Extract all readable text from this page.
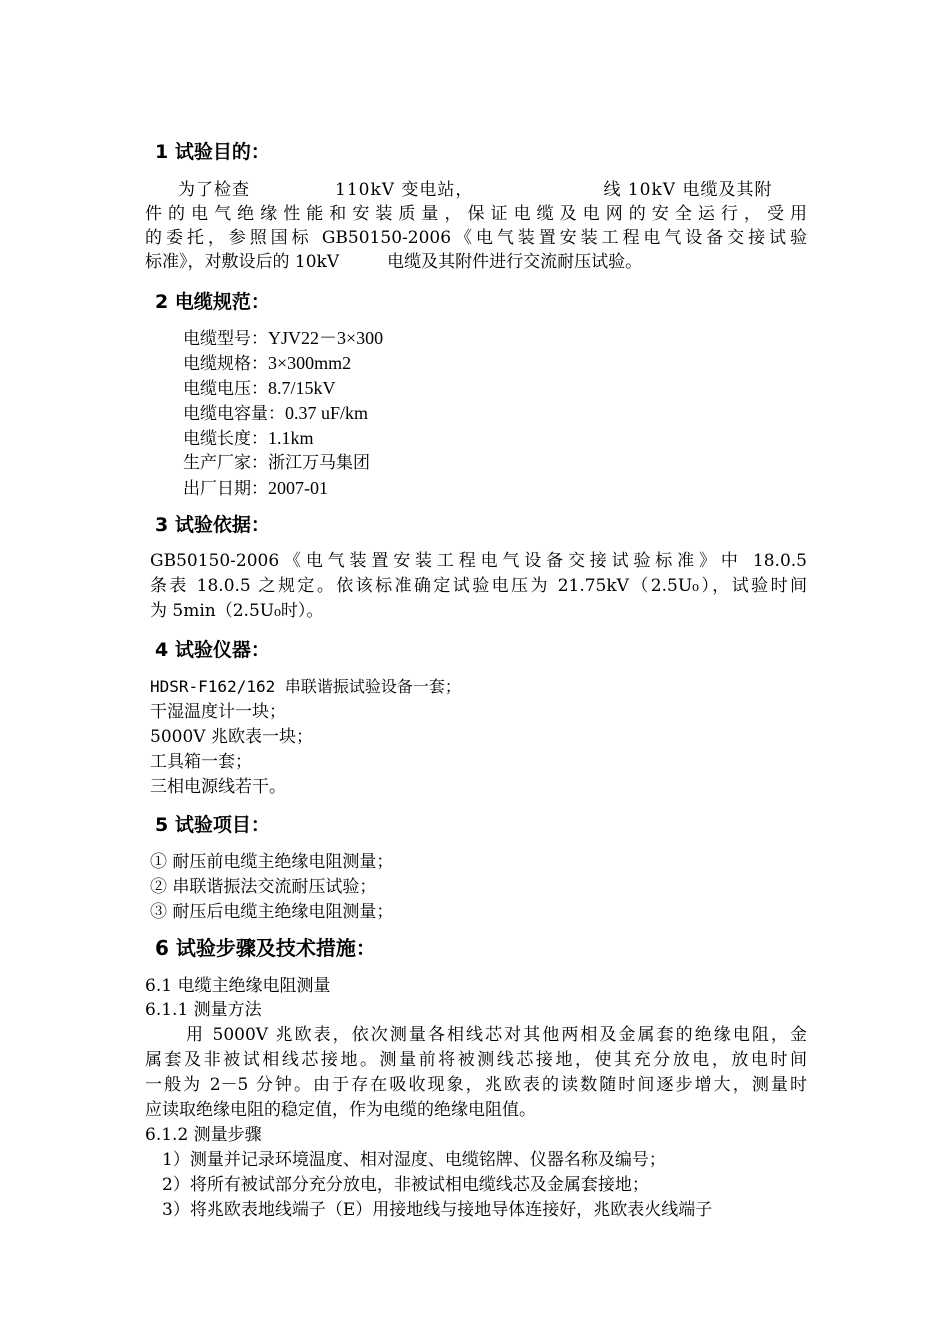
1 试验目的：
为了检查	110kV 变电站，	线 10kV 电缆及其附
件的电气绝缘性能和安装质量，保证电缆及电网的安全运行，受用
的委托，参照国标 GB50150-2006《电气装置安装工程电气设备交接试验
标准》，对敷设后的 10kV	电缆及其附件进行交流耐压试验。
2 电缆规范：
电缆型号：YJV22－3×300
电缆规格：3×300mm2
电缆电压：8.7/15kV
电缆电容量：0.37 uF/km
电缆长度：1.1km
生产厂家：浙江万马集团
出厂日期：2007-01
3 试验依据：
GB50150-2006《电气装置安装工程电气设备交接试验标准》中 18.0.5
条表 18.0.5 之规定。依该标准确定试验电压为 21.75kV（2.5U₀），试验时间
为 5min（2.5U₀时）。
4 试验仪器：
HDSR-F162/162 串联谐振试验设备一套；
干湿温度计一块；
5000V 兆欧表一块；
工具箱一套；
三相电源线若干。
5 试验项目：
① 耐压前电缆主绝缘电阻测量；
② 串联谐振法交流耐压试验；
③ 耐压后电缆主绝缘电阻测量；
6 试验步骤及技术措施：
6.1 电缆主绝缘电阻测量
6.1.1 测量方法
用 5000V 兆欧表，依次测量各相线芯对其他两相及金属套的绝缘电阻，金
属套及非被试相线芯接地。测量前将被测线芯接地，使其充分放电，放电时间
一般为 2－5 分钟。由于存在吸收现象，兆欧表的读数随时间逐步增大，测量时
应读取绝缘电阻的稳定值，作为电缆的绝缘电阻值。
6.1.2 测量步骤
1）测量并记录环境温度、相对湿度、电缆铭牌、仪器名称及编号；
2）将所有被试部分充分放电，非被试相电缆线芯及金属套接地；
3）将兆欧表地线端子（E）用接地线与接地导体连接好，兆欧表火线端子
